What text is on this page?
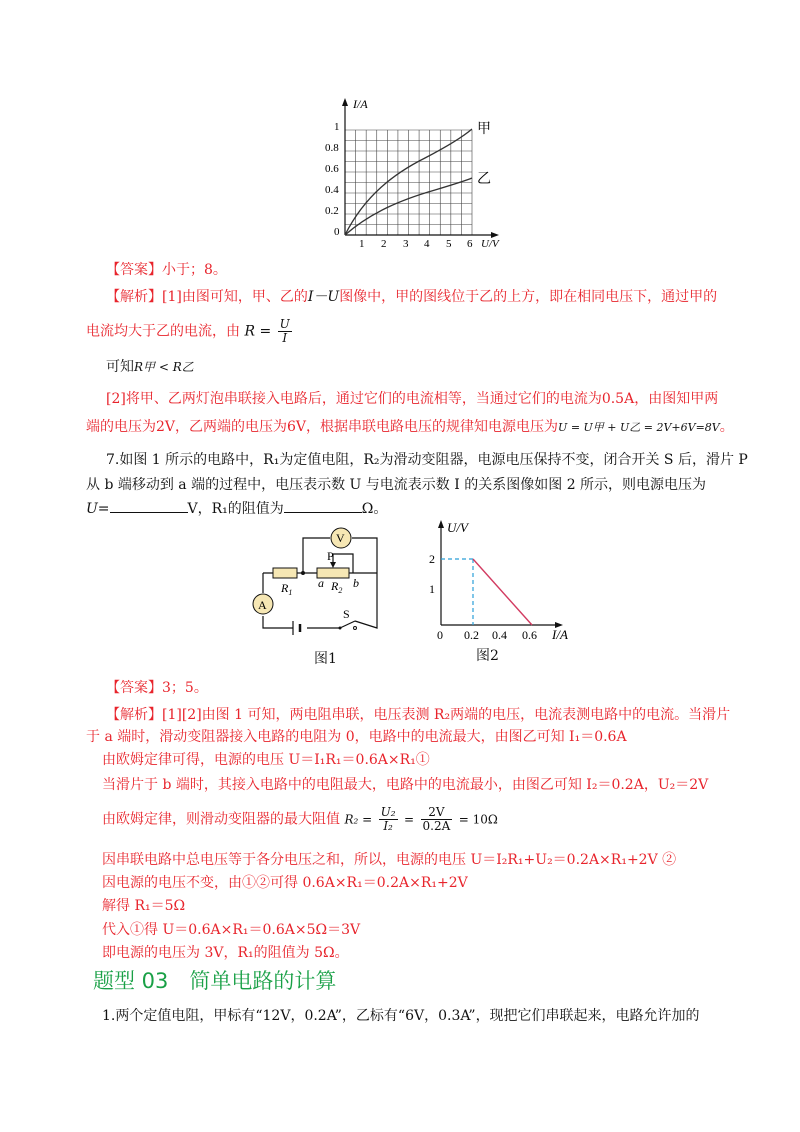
I/A
U/V
1
0.8
0.6
0.4
0.2
0
1 2 3 4 5 6
甲
乙
【答案】小于；8。
【解析】[1]由图可知，甲、乙的I－U图像中，甲的图线位于乙的上方，即在相同电压下，通过甲的
电流均大于乙的电流，由 $R = \frac{U}{I}$
可知R甲 < R乙
[2]将甲、乙两灯泡串联接入电路后，通过它们的电流相等，当通过它们的电流为0.5A，由图知甲两
端的电压为2V，乙两端的电压为6V，根据串联电路电压的规律知电源电压为U = U甲 + U乙 = 2V+6V=8V。
7.如图 1 所示的电路中，R₁为定值电阻，R₂为滑动变阻器，电源电压保持不变，闭合开关 S 后，滑片 P
从 b 端移动到 a 端的过程中，电压表示数 U 与电流表示数 I 的关系图像如图 2 所示，则电源电压为
U=	V，R₁的阻值为	Ω。
V
A
$R_1$	$R_2$
P
a b
S
图1
U/V
I/A
2
1
0 0.2 0.4 0.6
图2
【答案】3；5。
【解析】[1][2]由图 1 可知，两电阻串联，电压表测 R₂两端的电压，电流表测电路中的电流。当滑片
于 a 端时，滑动变阻器接入电路的电阻为 0，电路中的电流最大，由图乙可知 I₁＝0.6A
由欧姆定律可得，电源的电压 U＝I₁R₁＝0.6A×R₁①
当滑片于 b 端时，其接入电路中的电阻最大，电路中的电流最小，由图乙可知 I₂＝0.2A，U₂＝2V
由欧姆定律，则滑动变阻器的最大阻值 $R_2 = \frac{\text{U₂}}{\text{I₂}} = \frac{2V}{0.2A} = 10\Omega$
因串联电路中总电压等于各分电压之和，所以，电源的电压 U＝I₂R₁+U₂＝0.2A×R₁+2V ②
因电源的电压不变，由①②可得 0.6A×R₁＝0.2A×R₁+2V
解得 R₁＝5Ω
代入①得 U＝0.6A×R₁＝0.6A×5Ω＝3V
即电源的电压为 3V，R₁的阻值为 5Ω。
题型 03　简单电路的计算
1.两个定值电阻，甲标有“12V，0.2A”，乙标有“6V，0.3A”，现把它们串联起来，电路允许加的
